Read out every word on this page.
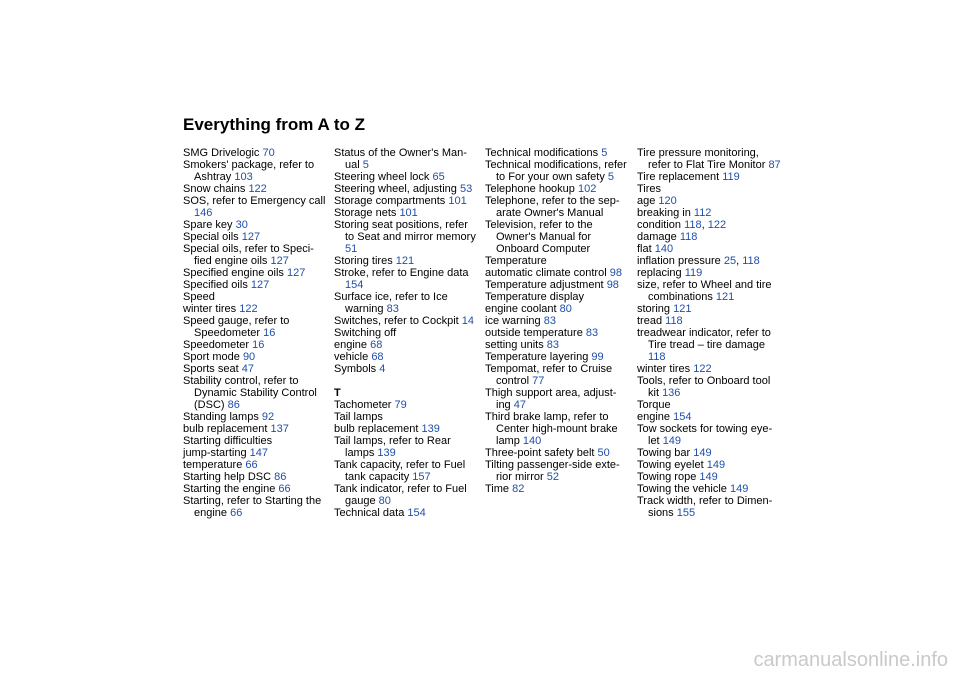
Everything from A to Z
SMG Drivelogic 70
Smokers' package, refer to Ashtray 103
Snow chains 122
SOS, refer to Emergency call 146
Spare key 30
Special oils 127
Special oils, refer to Speci-fied engine oils 127
Specified engine oils 127
Specified oils 127
Speed
winter tires 122
Speed gauge, refer to Speedometer 16
Speedometer 16
Sport mode 90
Sports seat 47
Stability control, refer to Dynamic Stability Control (DSC) 86
Standing lamps 92
bulb replacement 137
Starting difficulties
jump-starting 147
temperature 66
Starting help DSC 86
Starting the engine 66
Starting, refer to Starting the engine 66
Status of the Owner's Man-ual 5
Steering wheel lock 65
Steering wheel, adjusting 53
Storage compartments 101
Storage nets 101
Storing seat positions, refer to Seat and mirror memory 51
Storing tires 121
Stroke, refer to Engine data 154
Surface ice, refer to Ice warning 83
Switches, refer to Cockpit 14
Switching off
engine 68
vehicle 68
Symbols 4
T
Tachometer 79
Tail lamps
bulb replacement 139
Tail lamps, refer to Rear lamps 139
Tank capacity, refer to Fuel tank capacity 157
Tank indicator, refer to Fuel gauge 80
Technical data 154
Technical modifications 5
Technical modifications, refer to For your own safety 5
Telephone hookup 102
Telephone, refer to the sep-arate Owner's Manual
Television, refer to the Owner's Manual for Onboard Computer
Temperature
automatic climate control 98
Temperature adjustment 98
Temperature display
engine coolant 80
ice warning 83
outside temperature 83
setting units 83
Temperature layering 99
Tempomat, refer to Cruise control 77
Thigh support area, adjust-ing 47
Third brake lamp, refer to Center high-mount brake lamp 140
Three-point safety belt 50
Tilting passenger-side exte-rior mirror 52
Time 82
Tire pressure monitoring, refer to Flat Tire Monitor 87
Tire replacement 119
Tires
age 120
breaking in 112
condition 118, 122
damage 118
flat 140
inflation pressure 25, 118
replacing 119
size, refer to Wheel and tire combinations 121
storing 121
tread 118
treadwear indicator, refer to Tire tread – tire damage 118
winter tires 122
Tools, refer to Onboard tool kit 136
Torque
engine 154
Tow sockets for towing eye-let 149
Towing bar 149
Towing eyelet 149
Towing rope 149
Towing the vehicle 149
Track width, refer to Dimen-sions 155
carmanualsonline.info
